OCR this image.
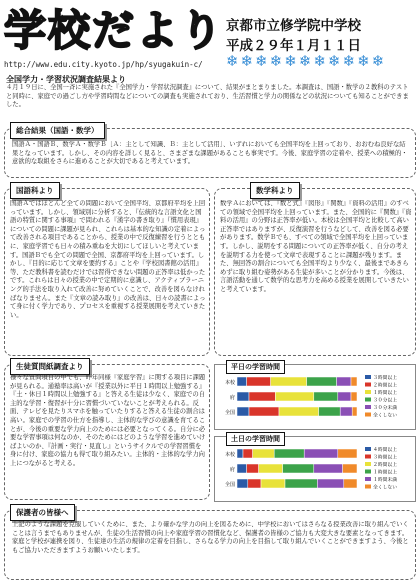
学校だより 京都市立修学院中学校
平成２９年１月１１日
❄ ❄ ❄ ❄ ❄ ❄ ❄ ❄ ❄ ❄ ❄
http://www.edu.city.kyoto.jp/hp/syugakuin-c/
全国学力・学習状況調査結果より
４月１９日に、全国一斉に実施された『全国学力・学習状況調査』について、結果がまとまりました。本調査は、国語・数学の２教科のテストと同時に、家庭での過ごし方や学習時間などについての調査も実施されており、生活習慣と学力の関係などの状況についても知ることができました。
総合結果（国語・数学）
国語Ａ・国語Ｂ、数学Ａ・数学Ｂ［Ａ：主として知識、Ｂ：主として活用］、いずれにおいても全国平均を上回っており、おおむね良好な結果となっています。しかし、その内容を詳しく見ると、さまざまな課題があることも事実です。今後、家庭学習の定着や、授業への積極的・意欲的な取組をさらに進めることが大切であると考えています。
国語科より
国語Ａではほとんど全ての問題において全国平均、京都府平均を上回っています。しかし、領域別に分析すると、『伝統的な言語文化と国語の特質に関する事項』で問われる『漢字の書き取り』『慣用表現』についての問題に課題が見られ、これらは基本的な知識の定着によって改善される項目であることから、授業の中で反復練習を行うとともに、家庭学習でも日々の積み重ねを大切にしてほしいと考えています。国語Ｂでも全ての問題で全国、京都府平均を上回っています。しかし、『目的に応じて文章を要約する』ことや『学校図書館の活用』等、ただ教科書を読むだけでは習得できない問題の正答率は低かったです。これらは日々の授業の中で定期的に意識し、アクティブラーニング的手法を取り入れて改善に努めていくことで、改善を図らなければなりません。また『文章の読み取り』の改善は、日々の読書によって身に付く学力であり、プロセスを重視する授業展開を考えていきたい。
数学科より
数学Ａにおいては、『数と式』『図形』『関数』『資料の活用』のすべての領域で全国平均を上回っています。また、全国的に『関数』『資料の活用』の分野は正答率が低い。本校は全国平均と比較して高い正答率ではありますが、反復演習を行うなどして、改善を図る必要があります。数学Ｂでも、すべての領域で全国平均を上回っています。しかし、説明をする問題についての正答率が低く、自分の考えを説明する力を使って文章で表現することに課題が残ります。また、無回答の割合についても全国平均より少なく、最後まであきらめずに取り組む姿勢がある生徒が多いことが分かります。今後は、言語活動を通して数学的な思考力を高める授業を展開していきたいと考えています。
生徒質問紙調査より
様々な質問項目の中でも、昨年同様『家庭学習』に関する項目に課題が見られる。通塾率は高いが『授業以外に平日１時間以上勉強する』『土・休日１時間以上勉強する』と答える生徒は少なく、家庭での自主的な学習・復習が十分に習慣づいていないことが考えられる。反面、テレビを見たりスマホを触っていたりすると答える生徒の割合は高い。家庭での学習の仕方を指導し、主体的な学びの意識を育てることが、今後の重要な学力向上のためには必要となってくる。自分に必要な学習事項は何なのか、そのためにはどのような学習を進めていけばよいのか、『計画・実行・見直し』というサイクルでの学習習慣を身に付け、家庭の協力も得て取り組みたい。主体的・主体的な学力向上につながると考える。
本校
府
全国
３時間以上
２時間以上
１時間以上
３０分以上
３０分未満
全くしない
平日の学習時間
本校
府
全国
４時間以上
３時間以上
２時間以上
１時間以上
１時間未満
全くしない
土日の学習時間
保護者の皆様へ
上記のような課題を克服していくために、また、より確かな学力の向上を図るために、中学校においてはさらなる授業改善に取り組んでいくことは言うまでもありませんが、生徒の生活習慣の向上や家庭学習の習慣化など、保護者の皆様のご協力も大変大きな要素となってきます。家庭と学校が連携を図り、生徒達の生活の規律の定着を目指し、さらなる学力の向上を目指して取り組んでいくことができますよう、今後ともご協力いただきますようお願いいたします。
